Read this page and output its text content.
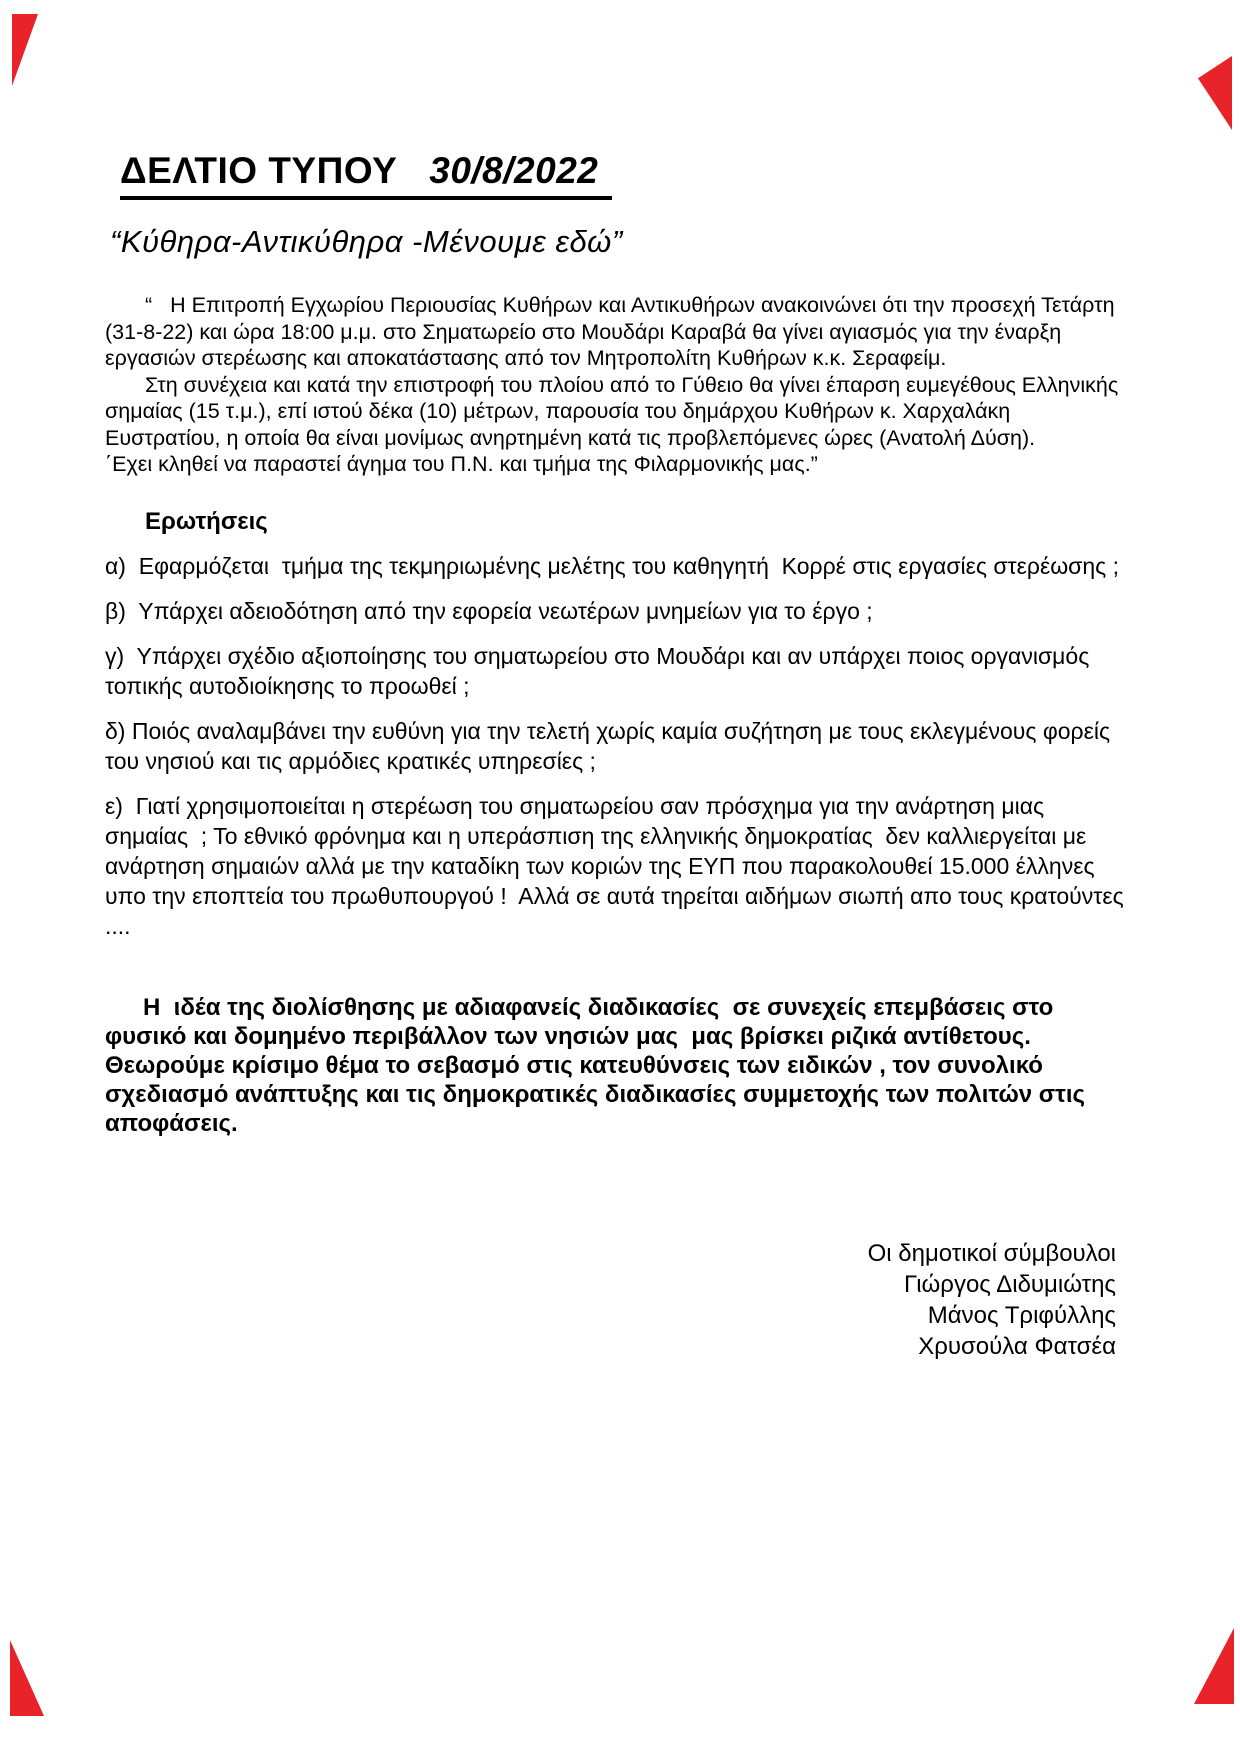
ΔΕΛΤΙΟ ΤΥΠΟΥ 30/8/2022
“Κύθηρα-Αντικύθηρα -Μένουμε εδώ”

“   Η Επιτροπή Εγχωρίου Περιουσίας Κυθήρων και Αντικυθήρων ανακοινώνει ότι την προσεχή Τετάρτη (31-8-22) και ώρα 18:00 μ.μ. στο Σηματωρείο στο Μουδάρι Καραβά θα γίνει αγιασμός για την έναρξη εργασιών στερέωσης και αποκατάστασης από τον Μητροπολίτη Κυθήρων κ.κ. Σεραφείμ.

Στη συνέχεια και κατά την επιστροφή του πλοίου από το Γύθειο θα γίνει έπαρση ευμεγέθους Ελληνικής σημαίας (15 τ.μ.), επί ιστού δέκα (10) μέτρων, παρουσία του δημάρχου Κυθήρων κ. Χαρχαλάκη Ευστρατίου, η οποία θα είναι μονίμως ανηρτημένη κατά τις προβλεπόμενες ώρες (Ανατολή Δύση).

΄Εχει κληθεί να παραστεί άγημα του Π.Ν. και τμήμα της Φιλαρμονικής μας.”

Ερωτήσεις

α)  Εφαρμόζεται  τμήμα της τεκμηριωμένης μελέτης του καθηγητή  Κορρέ στις εργασίες στερέωσης ;

β)  Υπάρχει αδειοδότηση από την εφορεία νεωτέρων μνημείων για το έργο ;

γ)  Υπάρχει σχέδιο αξιοποίησης του σηματωρείου στο Μουδάρι και αν υπάρχει ποιος οργανισμός τοπικής αυτοδιοίκησης το προωθεί ;

δ) Ποιός αναλαμβάνει την ευθύνη για την τελετή χωρίς καμία συζήτηση με τους εκλεγμένους φορείς του νησιού και τις αρμόδιες κρατικές υπηρεσίες ;

ε)  Γιατί χρησιμοποιείται η στερέωση του σηματωρείου σαν πρόσχημα για την ανάρτηση μιας σημαίας  ; Το εθνικό φρόνημα και η υπεράσπιση της ελληνικής δημοκρατίας  δεν καλλιεργείται με ανάρτηση σημαιών αλλά με την καταδίκη των κοριών της ΕΥΠ που παρακολουθεί 15.000 έλληνες υπο την εποπτεία του πρωθυπουργού !  Αλλά σε αυτά τηρείται αιδήμων σιωπή απο τους κρατούντες ....

Η  ιδέα της διολίσθησης με αδιαφανείς διαδικασίες  σε συνεχείς επεμβάσεις στο φυσικό και δομημένο περιβάλλον των νησιών μας  μας βρίσκει ριζικά αντίθετους.  Θεωρούμε κρίσιμο θέμα το σεβασμό στις κατευθύνσεις των ειδικών , τον συνολικό σχεδιασμό ανάπτυξης και τις δημοκρατικές διαδικασίες συμμετοχής των πολιτών στις αποφάσεις.

Οι δημοτικοί σύμβουλοι

Γιώργος Διδυμιώτης

Μάνος Τριφύλλης

Χρυσούλα Φατσέα
